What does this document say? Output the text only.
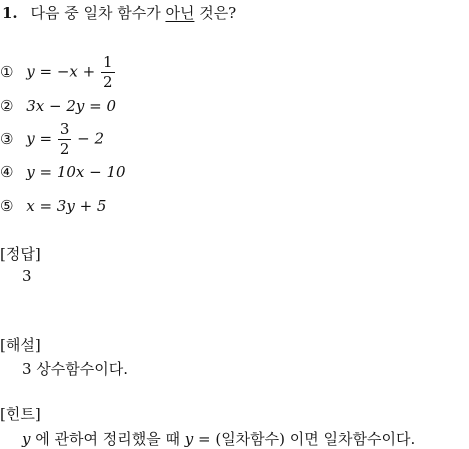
1. 다음 중 일차 함수가 아닌 것은?
① $y = -x + \frac{1}{2}$
② 3x − 2y = 0
③ $y = \frac{3}{2} - 2$
④ y = 10x − 10
⑤ x = 3y + 5
[정답]
3
[해설]
3 상수함수이다.
[힌트]
y 에 관하여 정리했을 때 y = (일차함수) 이면 일차함수이다.
